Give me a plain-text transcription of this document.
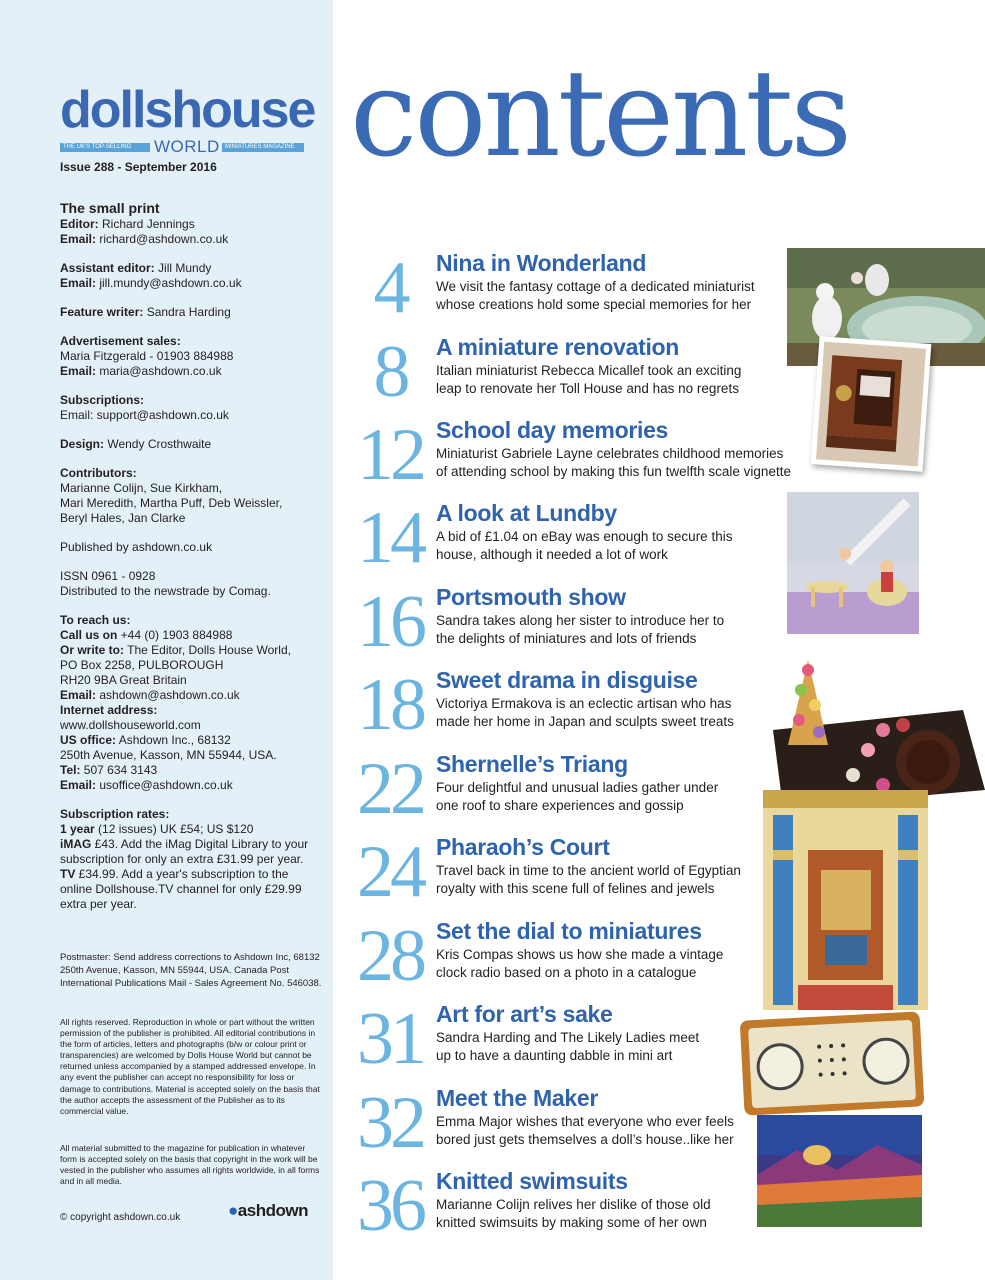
dollshouse
THE UK'S TOP-SELLING	WORLD MINIATURES MAGAZINE
Issue 288 - September 2016
The small print

Editor: Richard Jennings

Email: richard@ashdown.co.uk

Assistant editor: Jill Mundy

Email: jill.mundy@ashdown.co.uk

Feature writer: Sandra Harding

Advertisement sales:

Maria Fitzgerald - 01903 884988

Email: maria@ashdown.co.uk

Subscriptions:

Email: support@ashdown.co.uk

Design: Wendy Crosthwaite

Contributors:

Marianne Colijn, Sue Kirkham,

Mari Meredith, Martha Puff, Deb Weissler,

Beryl Hales, Jan Clarke

Published by ashdown.co.uk

ISSN 0961 - 0928

Distributed to the newstrade by Comag.

To reach us:

Call us on +44 (0) 1903 884988

Or write to: The Editor, Dolls House World,

PO Box 2258, PULBOROUGH

RH20 9BA Great Britain

Email: ashdown@ashdown.co.uk

Internet address:

www.dollshouseworld.com

US office: Ashdown Inc., 68132

250th Avenue, Kasson, MN 55944, USA.

Tel: 507 634 3143

Email: usoffice@ashdown.co.uk

Subscription rates:

1 year (12 issues) UK £54; US $120

iMAG £43. Add the iMag Digital Library to your

subscription for only an extra £31.99 per year.

TV £34.99. Add a year's subscription to the

online Dollshouse.TV channel for only £29.99

extra per year.

Postmaster: Send address corrections to Ashdown Inc, 68132 250th Avenue, Kasson, MN 55944, USA. Canada Post International Publications Mail - Sales Agreement No. 546038.
All rights reserved. Reproduction in whole or part without the written permission of the publisher is prohibited. All editorial contributions in the form of articles, letters and photographs (b/w or colour print or transparencies) are welcomed by Dolls House World but cannot be returned unless accompanied by a stamped addressed envelope. In any event the publisher can accept no responsibility for loss or damage to contributions. Material is accepted solely on the basis that the author accepts the assessment of the Publisher as to its commercial value.
All material submitted to the magazine for publication in whatever form is accepted solely on the basis that copyright in the work will be vested in the publisher who assumes all rights worldwide, in all forms and in all media.
© copyright ashdown.co.uk	●ashdown
contents
4	Nina in Wonderland
We visit the fantasy cottage of a dedicated miniaturist
whose creations hold some special memories for her
8	A miniature renovation
Italian miniaturist Rebecca Micallef took an exciting
leap to renovate her Toll House and has no regrets
12 School day memories
Miniaturist Gabriele Layne celebrates childhood memories
of attending school by making this fun twelfth scale vignette
14 A look at Lundby
A bid of £1.04 on eBay was enough to secure this
house, although it needed a lot of work
16 Portsmouth show
Sandra takes along her sister to introduce her to
the delights of miniatures and lots of friends
18 Sweet drama in disguise
Victoriya Ermakova is an eclectic artisan who has
made her home in Japan and sculpts sweet treats
22 Shernelle’s Triang
Four delightful and unusual ladies gather under
one roof to share experiences and gossip
24 Pharaoh’s Court
Travel back in time to the ancient world of Egyptian
royalty with this scene full of felines and jewels
28 Set the dial to miniatures
Kris Compas shows us how she made a vintage
clock radio based on a photo in a catalogue
31 Art for art’s sake
Sandra Harding and The Likely Ladies meet
up to have a daunting dabble in mini art
32 Meet the Maker
Emma Major wishes that everyone who ever feels
bored just gets themselves a doll’s house..like her
36 Knitted swimsuits
Marianne Colijn relives her dislike of those old
knitted swimsuits by making some of her own
